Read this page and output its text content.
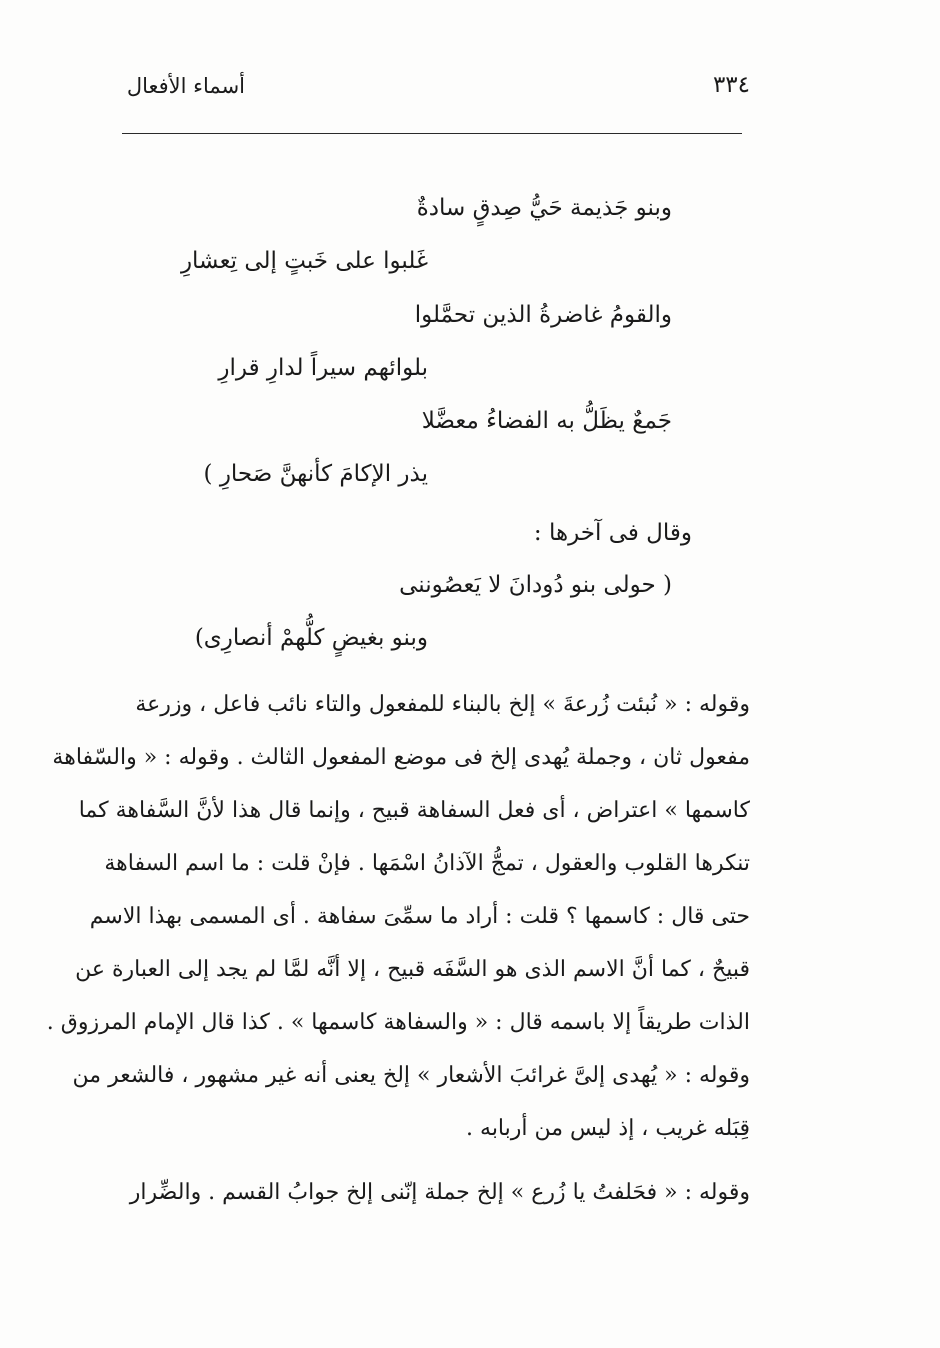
أسماء الأفعال	٣٣٤
وبنو جَذيمة حَيُّ صِدقٍ سادةٌ
غَلبوا على خَبتٍ إلى تِعشارِ
والقومُ غاضرةُ الذين تحمَّلوا
بلوائهم سيراً لدارِ قرارِ
جَمعٌ يظَلُّ به الفضاءُ معضَّلا
يذر الإكامَ كأنهنَّ صَحارِ )
وقال فى آخرها :
( حولى بنو دُودانَ لا يَعصُوننى
وبنو بغيضٍ كلُّهمْ أنصارِى)
وقوله : « نُبئت زُرعةَ » إلخ بالبناء للمفعول والتاء نائب فاعل ، وزرعة
مفعول ثان ، وجملة يُهدى إلخ فى موضع المفعول الثالث . وقوله : « والسّفاهة
كاسمها » اعتراض ، أى فعل السفاهة قبيح ، وإنما قال هذا لأنَّ السَّفاهة كما
تنكرها القلوب والعقول ، تمجُّ الآذانُ اسْمَها . فإنْ قلت : ما اسم السفاهة
حتى قال : كاسمها ؟ قلت : أراد ما سمِّىَ سفاهة . أى المسمى بهذا الاسم
قبيحٌ ، كما أنَّ الاسم الذى هو السَّفَه قبيح ، إلا أنَّه لمَّا لم يجد إلى العبارة عن
الذات طريقاً إلا باسمه قال : « والسفاهة كاسمها » . كذا قال الإمام المرزوق .
وقوله : « يُهدى إلىَّ غرائبَ الأشعار » إلخ يعنى أنه غير مشهور ، فالشعر من
قِبَله غريب ، إذ ليس من أربابه .
وقوله : « فحَلفتُ يا زُرع » إلخ جملة إنّنى إلخ جوابُ القسم . والضِّرار
